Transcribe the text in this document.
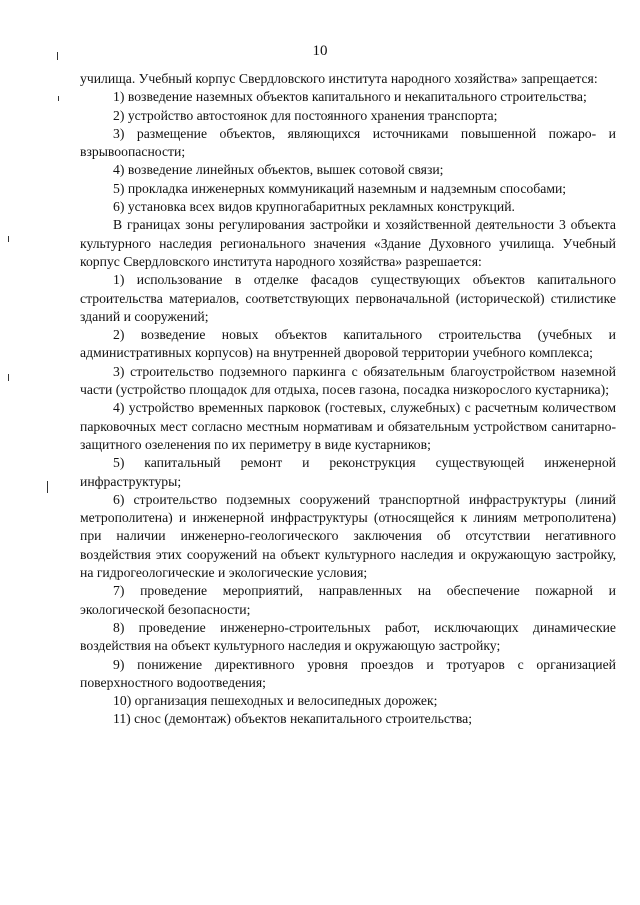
10

училища. Учебный корпус Свердловского института народного хозяйства» запрещается:

1) возведение наземных объектов капитального и некапитального строительства;

2) устройство автостоянок для постоянного хранения транспорта;

3) размещение объектов, являющихся источниками повышенной пожаро- и взрывоопасности;

4) возведение линейных объектов, вышек сотовой связи;

5) прокладка инженерных коммуникаций наземным и надземным способами;

6) установка всех видов крупногабаритных рекламных конструкций.

В границах зоны регулирования застройки и хозяйственной деятельности 3 объекта культурного наследия регионального значения «Здание Духовного училища. Учебный корпус Свердловского института народного хозяйства» разрешается:

1) использование в отделке фасадов существующих объектов капитального строительства материалов, соответствующих первоначальной (исторической) стилистике зданий и сооружений;

2) возведение новых объектов капитального строительства (учебных и административных корпусов) на внутренней дворовой территории учебного комплекса;

3) строительство подземного паркинга с обязательным благоустройством наземной части (устройство площадок для отдыха, посев газона, посадка низкорослого кустарника);

4) устройство временных парковок (гостевых, служебных) с расчетным количеством парковочных мест согласно местным нормативам и обязательным устройством санитарно-защитного озеленения по их периметру в виде кустарников;

5) капитальный ремонт и реконструкция существующей инженерной инфраструктуры;

6) строительство подземных сооружений транспортной инфраструктуры (линий метрополитена) и инженерной инфраструктуры (относящейся к линиям метрополитена) при наличии инженерно-геологического заключения об отсутствии негативного воздействия этих сооружений на объект культурного наследия и окружающую застройку, на гидрогеологические и экологические условия;

7) проведение мероприятий, направленных на обеспечение пожарной и экологической безопасности;

8) проведение инженерно-строительных работ, исключающих динамические воздействия на объект культурного наследия и окружающую застройку;

9) понижение директивного уровня проездов и тротуаров с организацией поверхностного водоотведения;

10) организация пешеходных и велосипедных дорожек;

11) снос (демонтаж) объектов некапитального строительства;
